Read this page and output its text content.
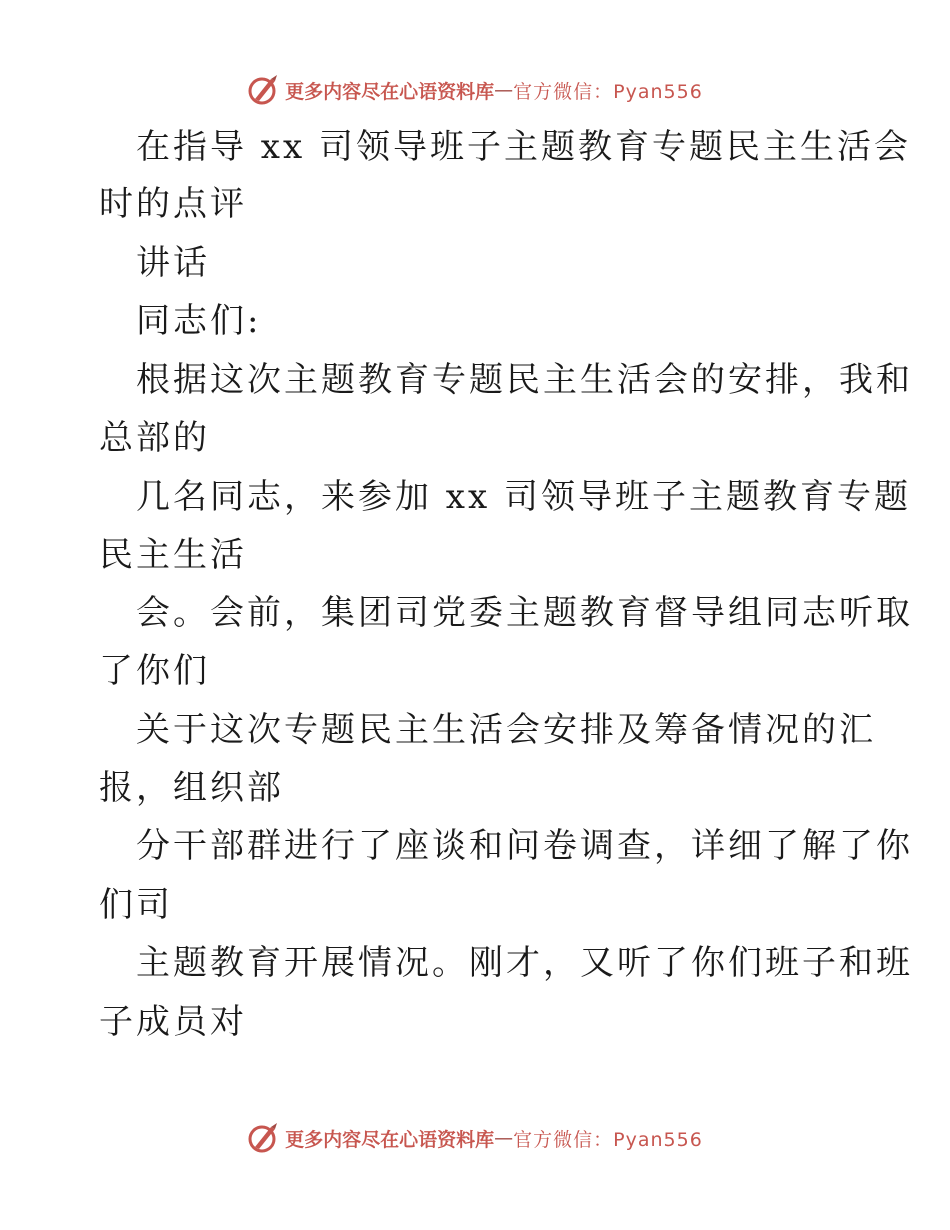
更多内容尽在心语资料库 — 官方微信：Pyan556
在指导 xx 司领导班子主题教育专题民主生活会
时的点评
讲话
同志们:
根据这次主题教育专题民主生活会的安排，我和
总部的
几名同志，来参加 xx 司领导班子主题教育专题
民主生活
会。会前，集团司党委主题教育督导组同志听取
了你们
关于这次专题民主生活会安排及筹备情况的汇
报，组织部
分干部群进行了座谈和问卷调查，详细了解了你
们司
主题教育开展情况。刚才，又听了你们班子和班
子成员对
更多内容尽在心语资料库 — 官方微信：Pyan556
